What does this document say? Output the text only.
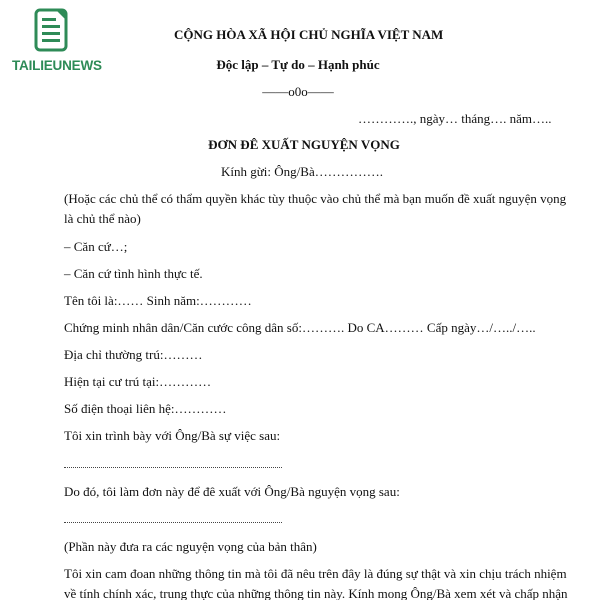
TAILIEUNEWS
CỘNG HÒA XÃ HỘI CHỦ NGHĨA VIỆT NAM
Độc lập – Tự do – Hạnh phúc
——o0o——
…………., ngày… tháng…. năm…..
ĐƠN ĐÊ XUẤT NGUYỆN VỌNG
Kính gừi: Ông/Bà…………….
(Hoặc các chủ thể có thẩm quyền khác tùy thuộc vào chủ thể mà bạn muốn đề xuất nguyện vọng
là chủ thể nào)
– Căn cứ…;
– Căn cứ tình hình thực tế.
Tên tôi là:…… Sinh năm:…………
Chứng minh nhân dân/Căn cước công dân số:………. Do CA……… Cấp ngày…/…../…..
Địa chỉ thường trú:………
Hiện tại cư trú tại:…………
Số điện thoại liên hệ:…………
Tôi xin trình bày với Ông/Bà sự việc sau:
Do đó, tôi làm đơn này để đê xuất với Ông/Bà nguyện vọng sau:
(Phần này đưa ra các nguyện vọng của bản thân)
Tôi xin cam đoan những thông tin mà tôi đã nêu trên đây là đúng sự thật và xin chịu trách nhiệm
về tính chính xác, trung thực của những thông tin này. Kính mong Ông/Bà xem xét và chấp nhận
